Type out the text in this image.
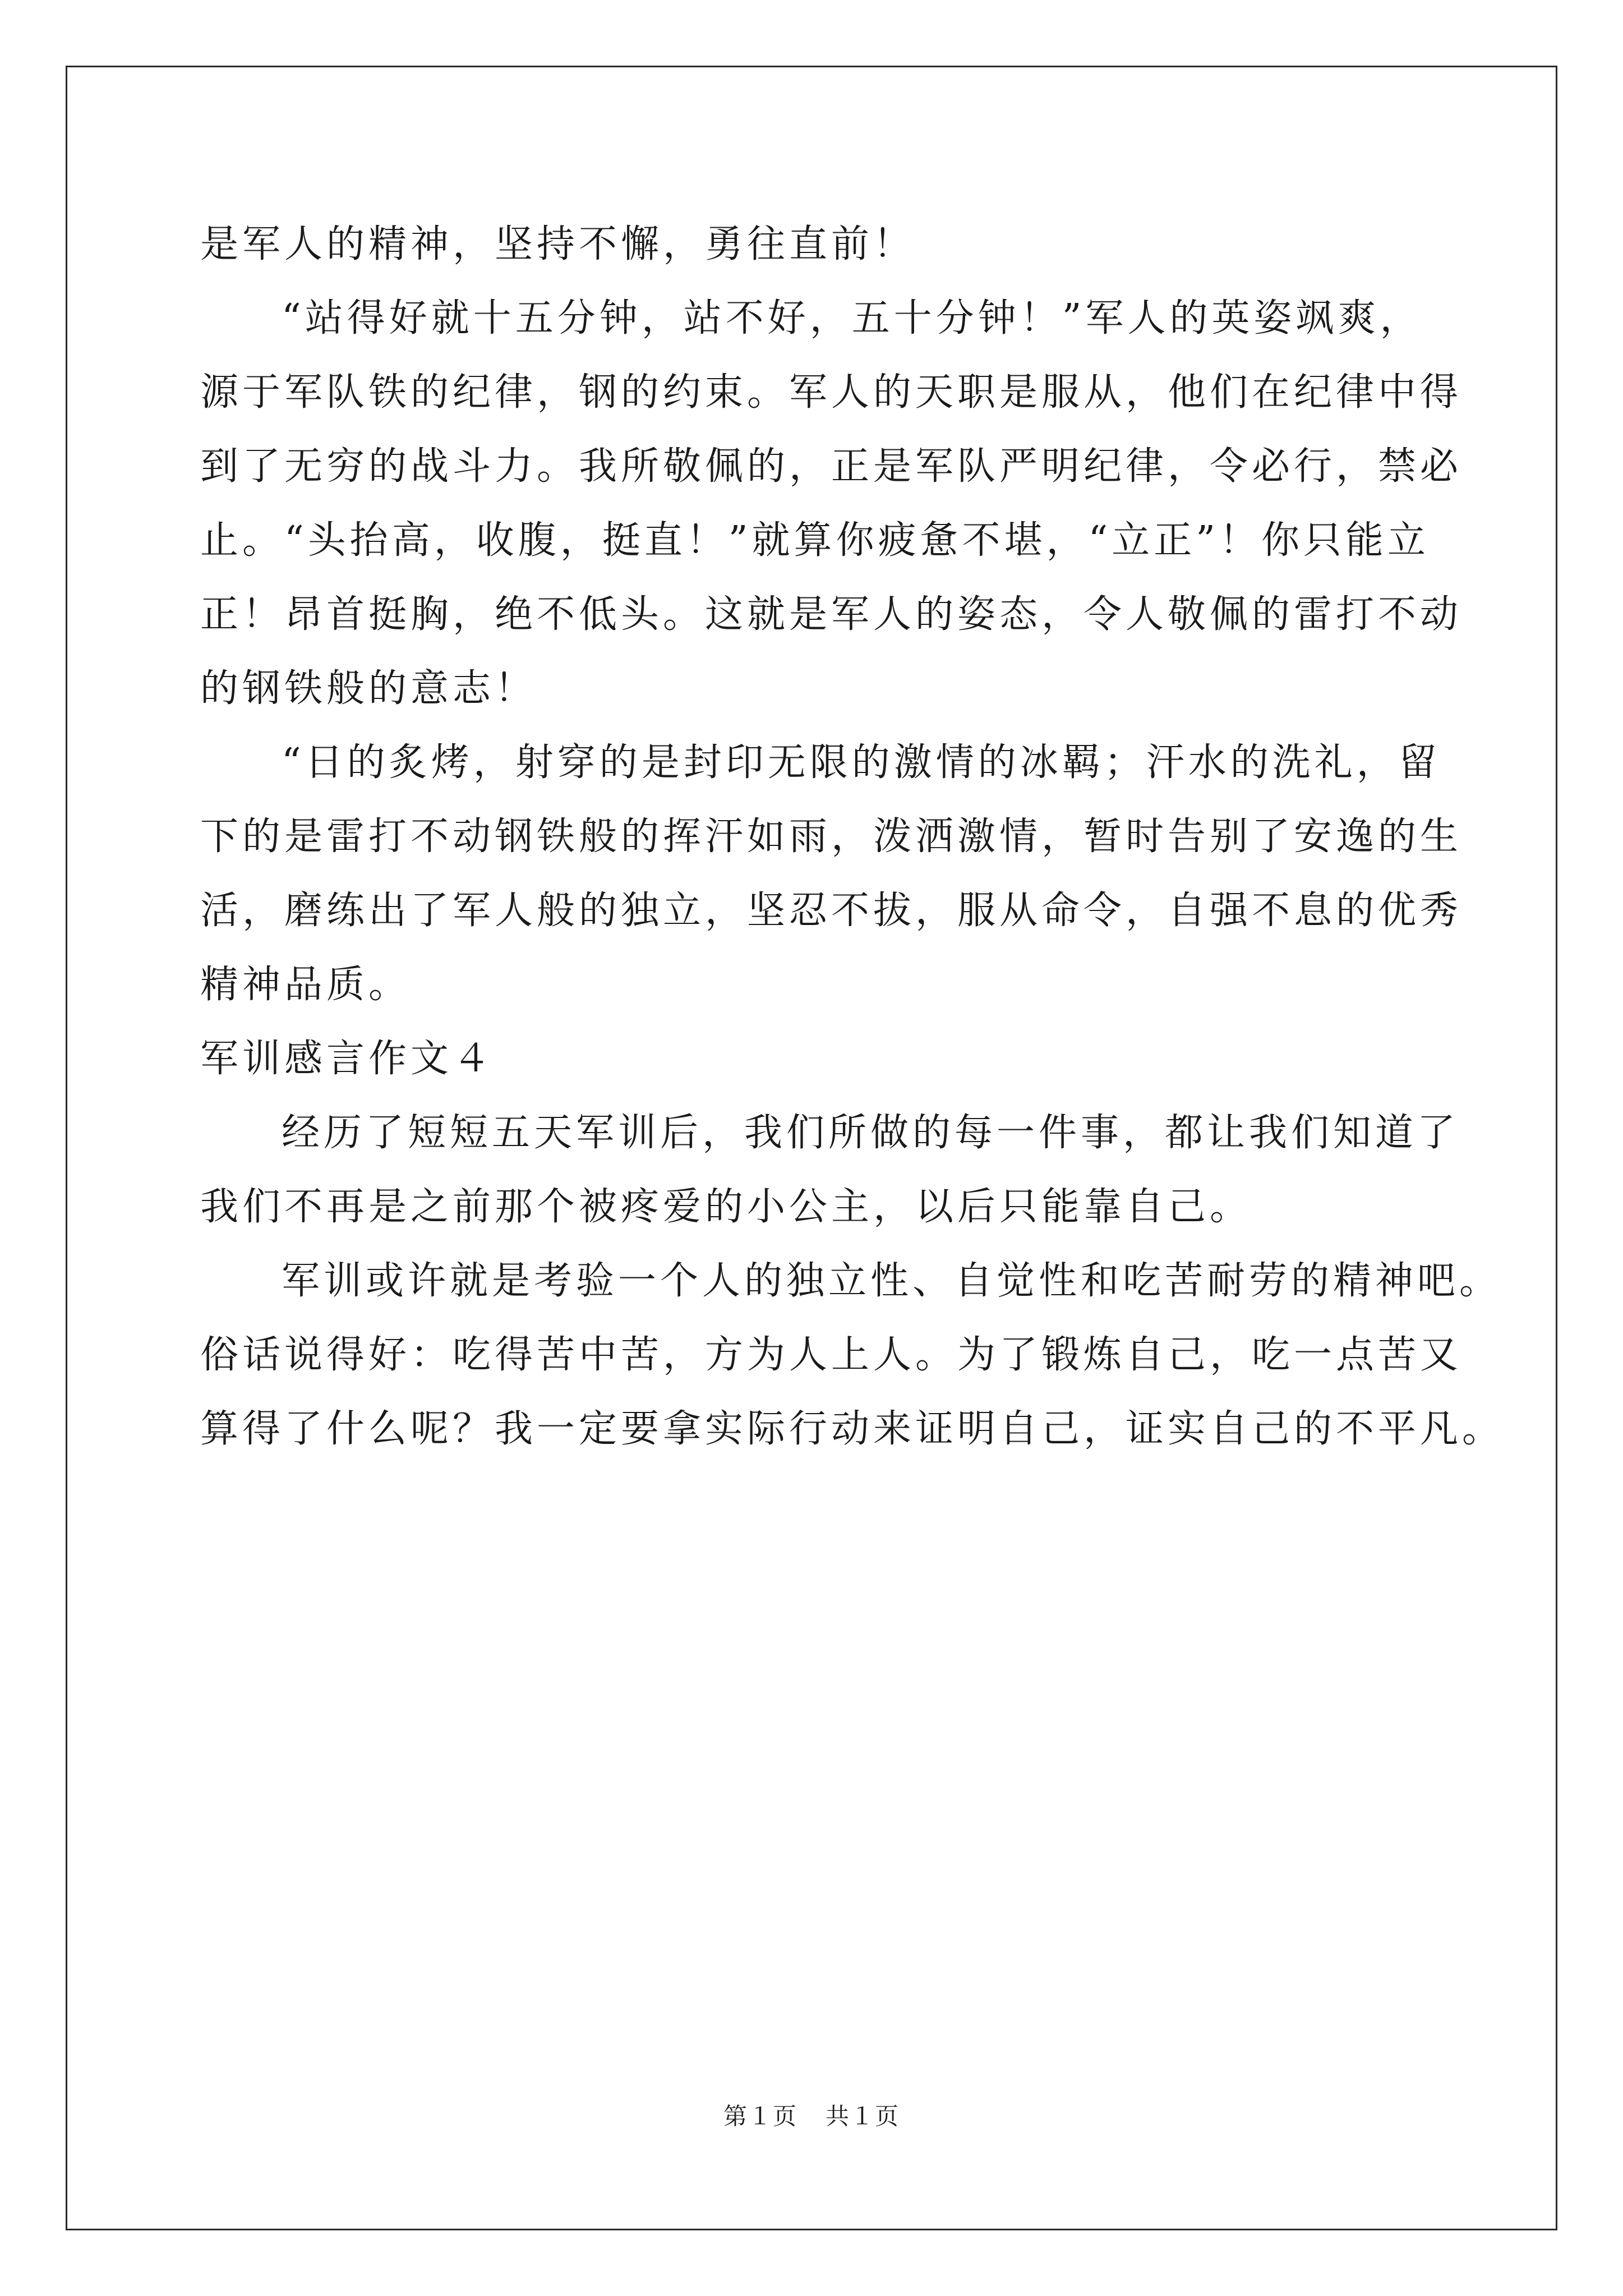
是军人的精神，坚持不懈，勇往直前！
“站得好就十五分钟，站不好，五十分钟！”军人的英姿飒爽，
源于军队铁的纪律，钢的约束。军人的天职是服从，他们在纪律中得
到了无穷的战斗力。我所敬佩的，正是军队严明纪律，令必行，禁必
止。“头抬高，收腹，挺直！”就算你疲惫不堪，“立正”！你只能立
正！昂首挺胸，绝不低头。这就是军人的姿态，令人敬佩的雷打不动
的钢铁般的意志！
“日的炙烤，射穿的是封印无限的激情的冰羁；汗水的洗礼，留
下的是雷打不动钢铁般的挥汗如雨，泼洒激情，暂时告别了安逸的生
活，磨练出了军人般的独立，坚忍不拔，服从命令，自强不息的优秀
精神品质。
军训感言作文４
经历了短短五天军训后，我们所做的每一件事，都让我们知道了
我们不再是之前那个被疼爱的小公主，以后只能靠自己。
军训或许就是考验一个人的独立性、自觉性和吃苦耐劳的精神吧。
俗话说得好：吃得苦中苦，方为人上人。为了锻炼自己，吃一点苦又
算得了什么呢？我一定要拿实际行动来证明自己，证实自己的不平凡。
第１页 共１页
